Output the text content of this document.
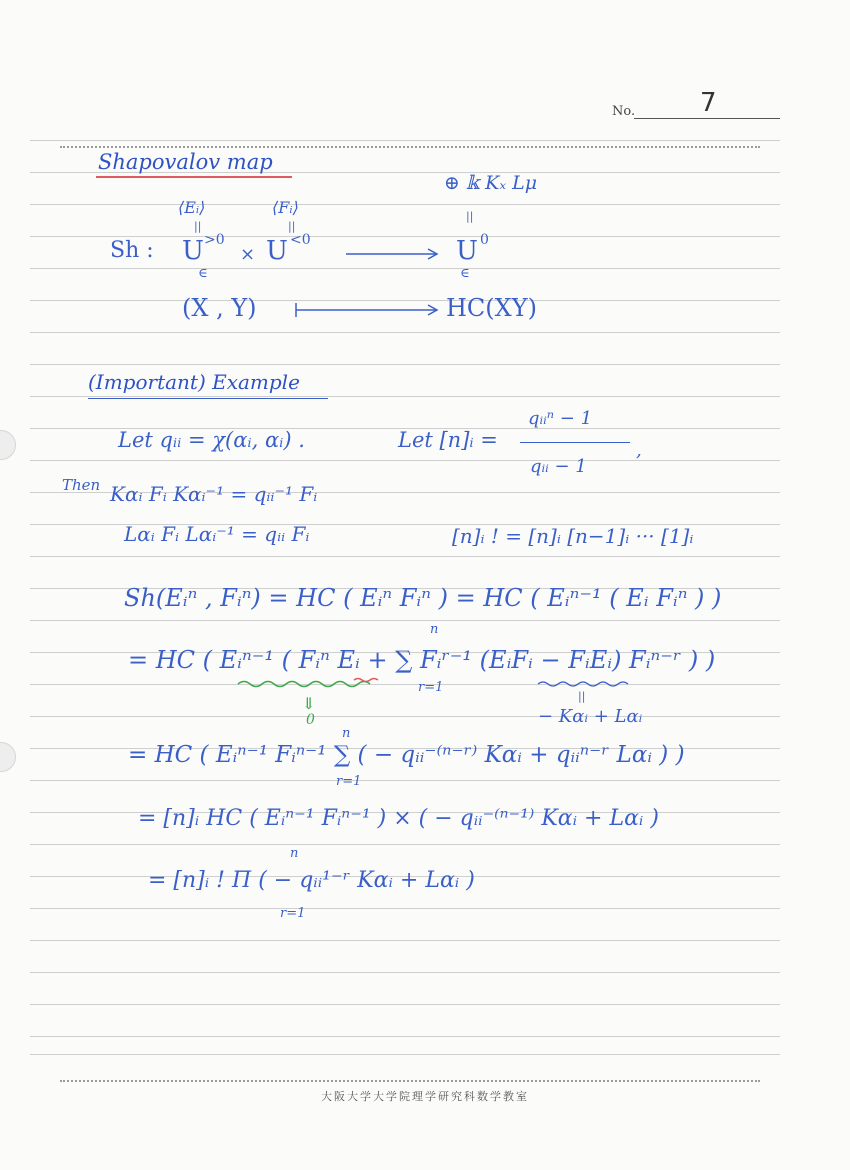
No. 7
Shapovalov map
⊕ 𝕜 Kₓ Lμ
⟨Eᵢ⟩	⟨Fᵢ⟩
||	||
||
Sh : U >0
× U <0	U 0
∈	∈
(X , Y)	HC(XY)
(Important) Example
Let qᵢᵢ = χ(αᵢ, αᵢ) .	Let [n]ᵢ =
qᵢᵢⁿ − 1
qᵢᵢ − 1
,
Then Kαᵢ Fᵢ Kαᵢ⁻¹ = qᵢᵢ⁻¹ Fᵢ
Lαᵢ Fᵢ Lαᵢ⁻¹ = qᵢᵢ Fᵢ	[n]ᵢ ! = [n]ᵢ [n−1]ᵢ ··· [1]ᵢ
Sh(Eᵢⁿ , Fᵢⁿ) = HC ( Eᵢⁿ Fᵢⁿ ) = HC ( Eᵢⁿ⁻¹ ( Eᵢ Fᵢⁿ ) )
= HC ( Eᵢⁿ⁻¹ ( Fᵢⁿ Eᵢ + ∑ Fᵢʳ⁻¹ (EᵢFᵢ − FᵢEᵢ) Fᵢⁿ⁻ʳ ) )
n
r=1
⇓
0
||
− Kαᵢ + Lαᵢ
= HC ( Eᵢⁿ⁻¹ Fᵢⁿ⁻¹ ∑ ( − qᵢᵢ⁻⁽ⁿ⁻ʳ⁾ Kαᵢ + qᵢᵢⁿ⁻ʳ Lαᵢ ) )
n
r=1
= [n]ᵢ HC ( Eᵢⁿ⁻¹ Fᵢⁿ⁻¹ ) × ( − qᵢᵢ⁻⁽ⁿ⁻¹⁾ Kαᵢ + Lαᵢ )
= [n]ᵢ ! Π ( − qᵢᵢ¹⁻ʳ Kαᵢ + Lαᵢ )
n
r=1
大阪大学大学院理学研究科数学教室
